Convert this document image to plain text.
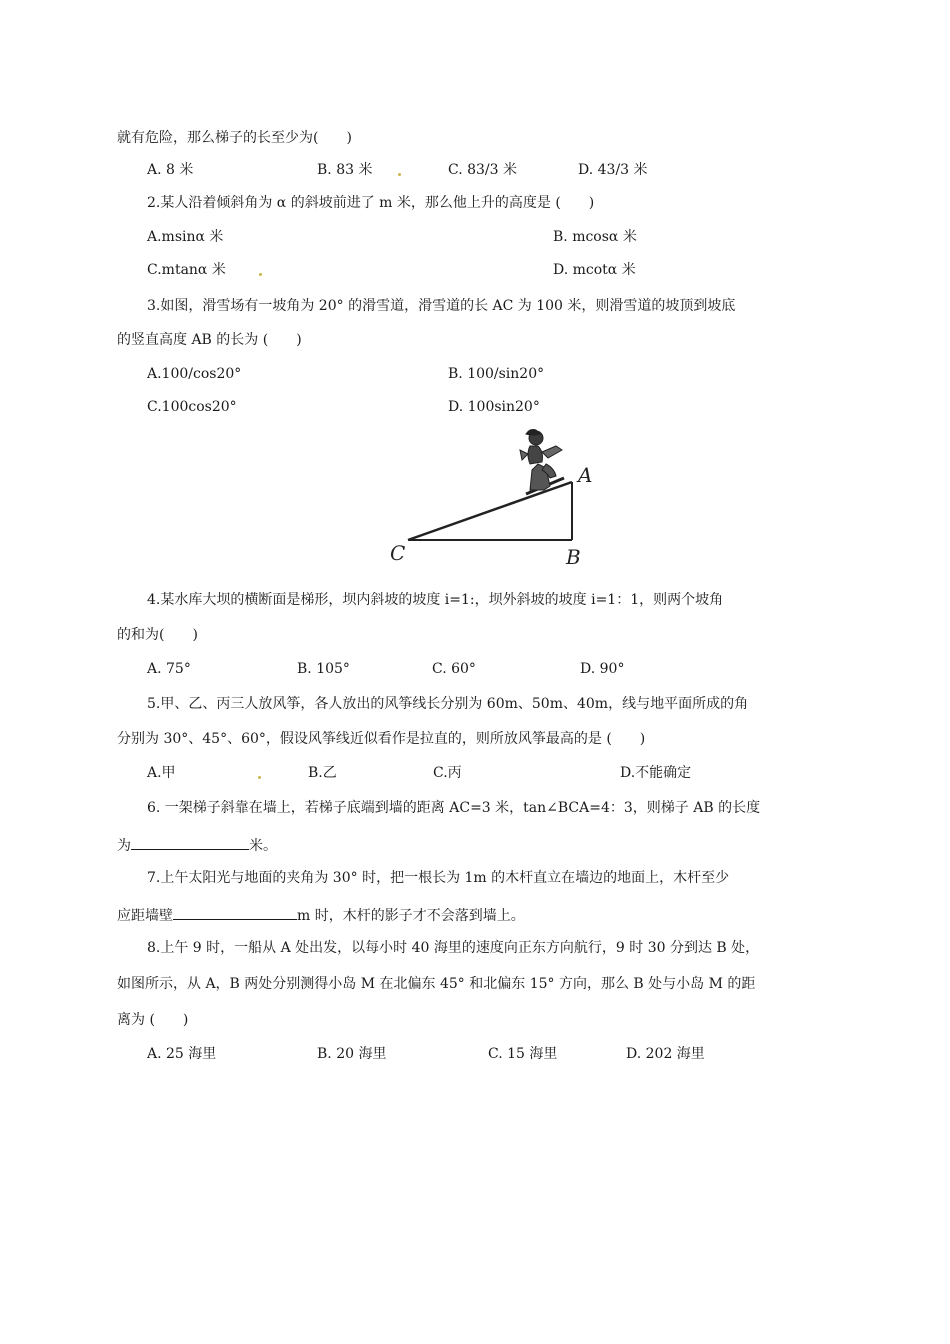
就有危险，那么梯子的长至少为(　　)
A. 8 米	B. 83 米	C. 83/3 米	D. 43/3 米
2.某人沿着倾斜角为 α 的斜坡前进了 m 米，那么他上升的高度是 (　　)
A.msinα 米	B. mcosα 米
C.mtanα 米	D. mcotα 米
3.如图，滑雪场有一坡角为 20° 的滑雪道，滑雪道的长 AC 为 100 米，则滑雪道的坡顶到坡底
的竖直高度 AB 的长为 (　　)
A.100/cos20°	B. 100/sin20°
C.100cos20°	D. 100sin20°
A
B
C
4.某水库大坝的横断面是梯形，坝内斜坡的坡度 i=1:，坝外斜坡的坡度 i=1：1，则两个坡角
的和为(　　)
A. 75°	B. 105°	C. 60°	D. 90°
5.甲、乙、丙三人放风筝，各人放出的风筝线长分别为 60m、50m、40m，线与地平面所成的角
分别为 30°、45°、60°，假设风筝线近似看作是拉直的，则所放风筝最高的是 (　　)
A.甲	B.乙	C.丙	D.不能确定
6. 一架梯子斜靠在墙上，若梯子底端到墙的距离 AC=3 米，tan∠BCA=4：3，则梯子 AB 的长度
为	米。
7.上午太阳光与地面的夹角为 30° 时，把一根长为 1m 的木杆直立在墙边的地面上，木杆至少
应距墙壁	m 时，木杆的影子才不会落到墙上。
8.上午 9 时，一船从 A 处出发，以每小时 40 海里的速度向正东方向航行，9 时 30 分到达 B 处，
如图所示，从 A，B 两处分别测得小岛 M 在北偏东 45° 和北偏东 15° 方向，那么 B 处与小岛 M 的距
离为 (　　)
A. 25 海里	B. 20 海里	C. 15 海里	D. 202 海里
